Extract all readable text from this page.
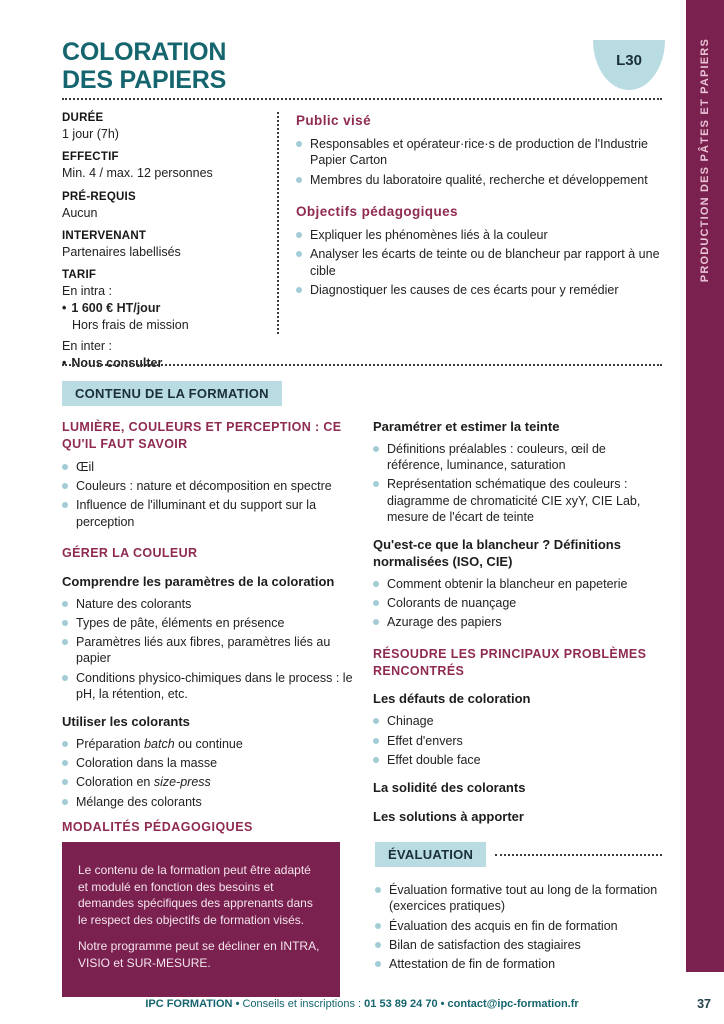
PRODUCTION DES PÂTES ET PAPIERS
COLORATION
DES PAPIERS
L30
DURÉE
1 jour (7h)
EFFECTIF
Min. 4 / max. 12 personnes
PRÉ-REQUIS
Aucun
INTERVENANT
Partenaires labellisés
TARIF
En intra :
• 1 600 € HT/jour
Hors frais de mission
En inter :
• Nous consulter
Public visé
Responsables et opérateur·rice·s de production de l'Industrie Papier Carton
Membres du laboratoire qualité, recherche et développement
Objectifs pédagogiques
Expliquer les phénomènes liés à la couleur
Analyser les écarts de teinte ou de blancheur par rapport à une cible
Diagnostiquer les causes de ces écarts pour y remédier
CONTENU DE LA FORMATION
LUMIÈRE, COULEURS ET PERCEPTION : CE QU'IL FAUT SAVOIR
Œil
Couleurs : nature et décomposition en spectre
Influence de l'illuminant et du support sur la perception
GÉRER LA COULEUR
Comprendre les paramètres de la coloration
Nature des colorants
Types de pâte, éléments en présence
Paramètres liés aux fibres, paramètres liés au papier
Conditions physico-chimiques dans le process : le pH, la rétention, etc.
Utiliser les colorants
Préparation batch ou continue
Coloration dans la masse
Coloration en size-press
Mélange des colorants
Paramétrer et estimer la teinte
Définitions préalables : couleurs, œil de référence, luminance, saturation
Représentation schématique des couleurs : diagramme de chromaticité CIE xyY, CIE Lab, mesure de l'écart de teinte
Qu'est-ce que la blancheur ? Définitions normalisées (ISO, CIE)
Comment obtenir la blancheur en papeterie
Colorants de nuançage
Azurage des papiers
RÉSOUDRE LES PRINCIPAUX PROBLÈMES RENCONTRÉS
Les défauts de coloration
Chinage
Effet d'envers
Effet double face
La solidité des colorants
Les solutions à apporter
MODALITÉS PÉDAGOGIQUES

Le contenu de la formation peut être adapté et modulé en fonction des besoins et demandes spécifiques des apprenants dans le respect des objectifs de formation visés.

Notre programme peut se décliner en INTRA, VISIO et SUR-MESURE.

ÉVALUATION
Évaluation formative tout au long de la formation (exercices pratiques)
Évaluation des acquis en fin de formation
Bilan de satisfaction des stagiaires
Attestation de fin de formation
IPC FORMATION • Conseils et inscriptions : 01 53 89 24 70 • contact@ipc-formation.fr	37
